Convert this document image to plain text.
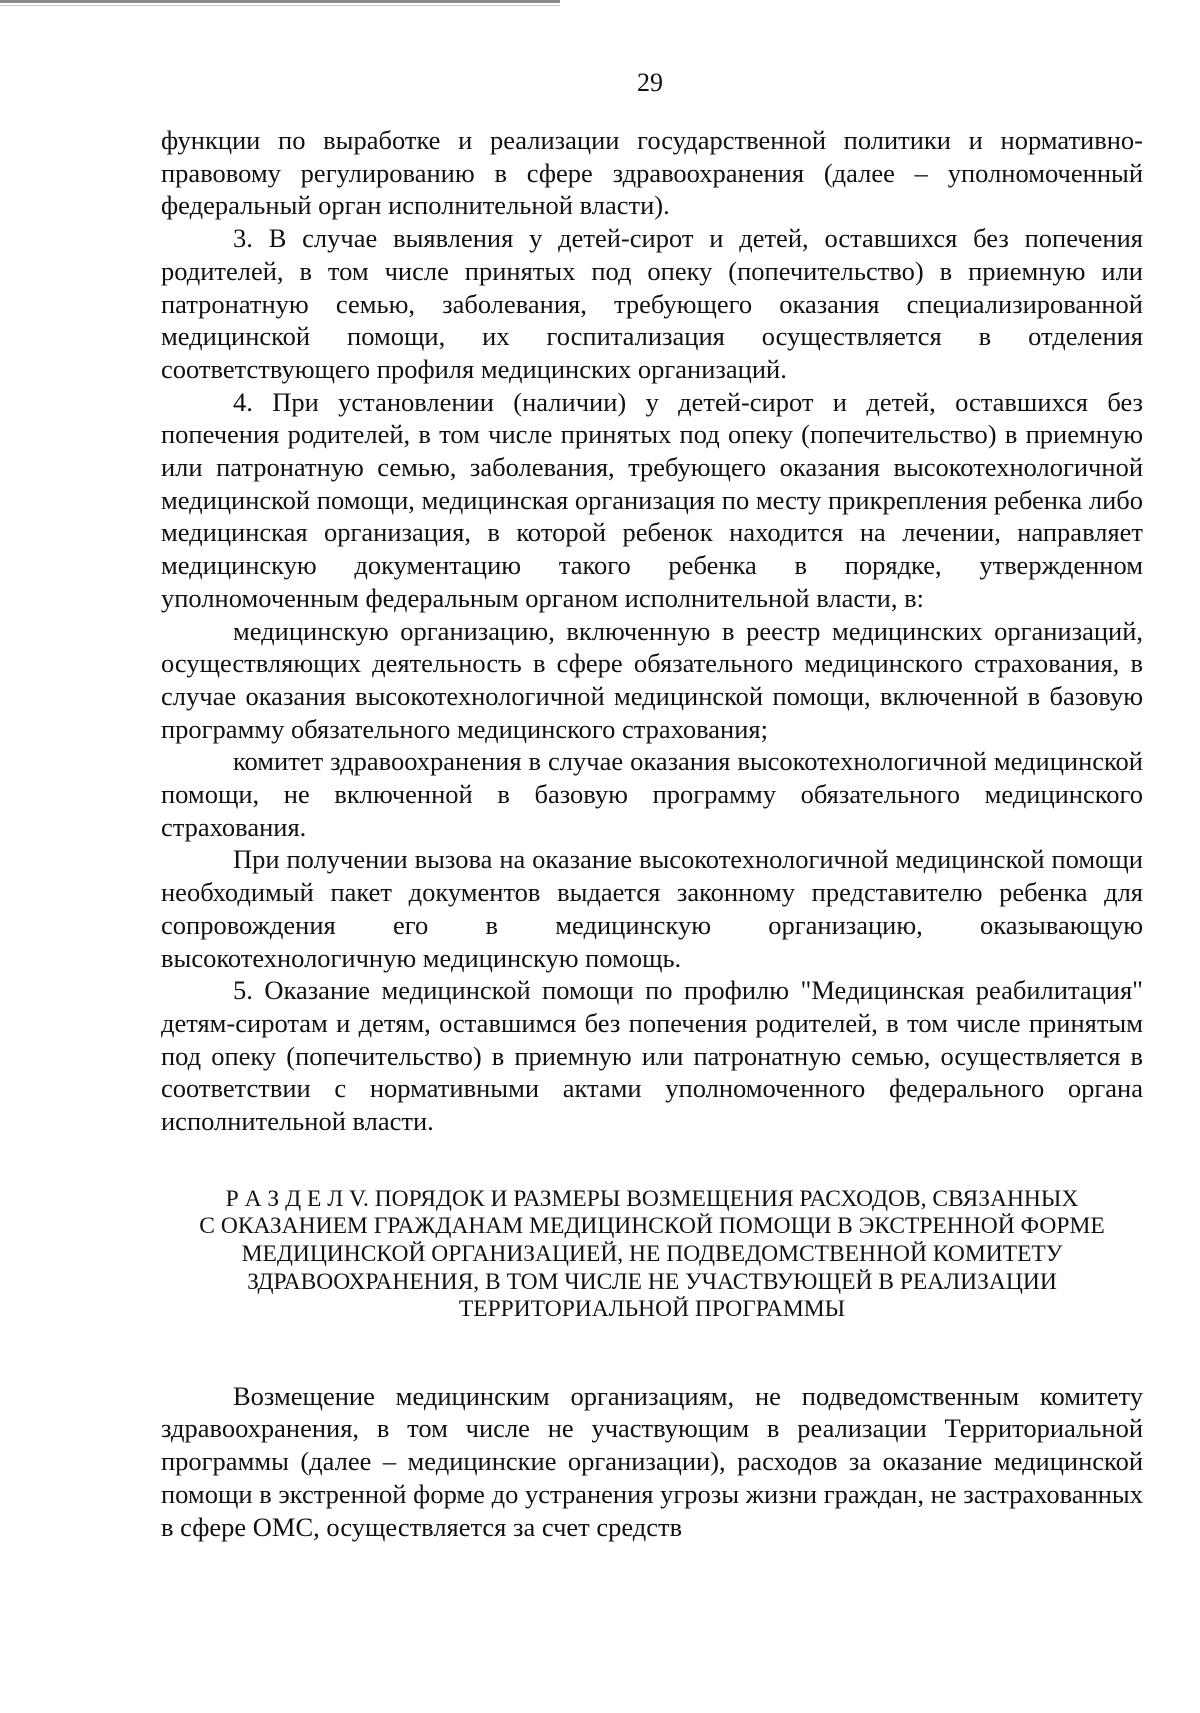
29

функции по выработке и реализации государственной политики и нормативно-правовому регулированию в сфере здравоохранения (далее – уполномоченный федеральный орган исполнительной власти).

3. В случае выявления у детей-сирот и детей, оставшихся без попечения родителей, в том числе принятых под опеку (попечительство) в приемную или патронатную семью, заболевания, требующего оказания специализированной медицинской помощи, их госпитализация осуществляется в отделения соответствующего профиля медицинских организаций.

4. При установлении (наличии) у детей-сирот и детей, оставшихся без попечения родителей, в том числе принятых под опеку (попечительство) в приемную или патронатную семью, заболевания, требующего оказания высокотехнологичной медицинской помощи, медицинская организация по месту прикрепления ребенка либо медицинская организация, в которой ребенок находится на лечении, направляет медицинскую документацию такого ребенка в порядке, утвержденном уполномоченным федеральным органом исполнительной власти, в:

медицинскую организацию, включенную в реестр медицинских организаций, осуществляющих деятельность в сфере обязательного медицинского страхования, в случае оказания высокотехнологичной медицинской помощи, включенной в базовую программу обязательного медицинского страхования;

комитет здравоохранения в случае оказания высокотехнологичной медицинской помощи, не включенной в базовую программу обязательного медицинского страхования.

При получении вызова на оказание высокотехнологичной медицинской помощи необходимый пакет документов выдается законному представителю ребенка для сопровождения его в медицинскую организацию, оказывающую высокотехнологичную медицинскую помощь.

5. Оказание медицинской помощи по профилю "Медицинская реабилитация" детям-сиротам и детям, оставшимся без попечения родителей, в том числе принятым под опеку (попечительство) в приемную или патронатную семью, осуществляется в соответствии с нормативными актами уполномоченного федерального органа исполнительной власти.

Р А З Д Е Л V. ПОРЯДОК И РАЗМЕРЫ ВОЗМЕЩЕНИЯ РАСХОДОВ, СВЯЗАННЫХ
С ОКАЗАНИЕМ ГРАЖДАНАМ МЕДИЦИНСКОЙ ПОМОЩИ В ЭКСТРЕННОЙ ФОРМЕ
МЕДИЦИНСКОЙ ОРГАНИЗАЦИЕЙ, НЕ ПОДВЕДОМСТВЕННОЙ КОМИТЕТУ
ЗДРАВООХРАНЕНИЯ, В ТОМ ЧИСЛЕ НЕ УЧАСТВУЮЩЕЙ В РЕАЛИЗАЦИИ
ТЕРРИТОРИАЛЬНОЙ ПРОГРАММЫ

Возмещение медицинским организациям, не подведомственным комитету здравоохранения, в том числе не участвующим в реализации Территориальной программы (далее – медицинские организации), расходов за оказание медицинской помощи в экстренной форме до устранения угрозы жизни граждан, не застрахованных в сфере ОМС, осуществляется за счет средств
